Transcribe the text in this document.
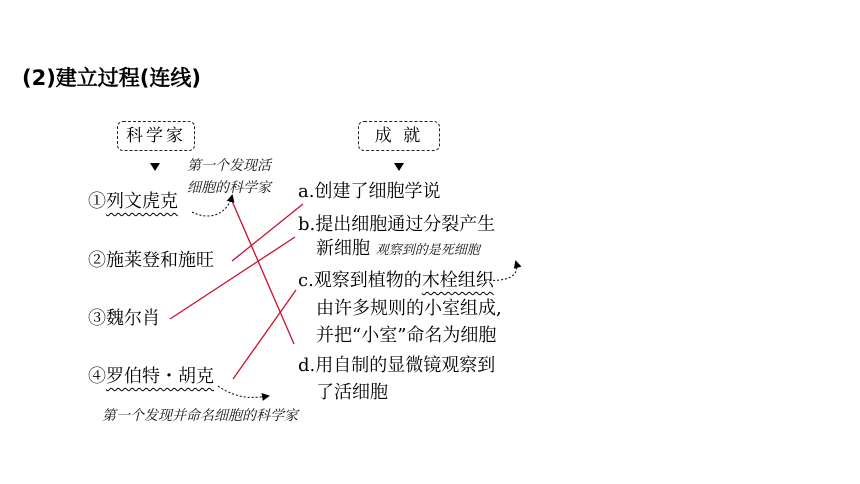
(2)建立过程(连线)
科学家	成 就
①列文虎克
②施莱登和施旺
③魏尔肖
④罗伯特・胡克
a.创建了细胞学说
b.提出细胞通过分裂产生
新细胞 观察到的是死细胞
c.观察到植物的木栓组织
由许多规则的小室组成,
并把“小室”命名为细胞
d.用自制的显微镜观察到
了活细胞
第一个发现活
细胞的科学家
第一个发现并命名细胞的科学家
